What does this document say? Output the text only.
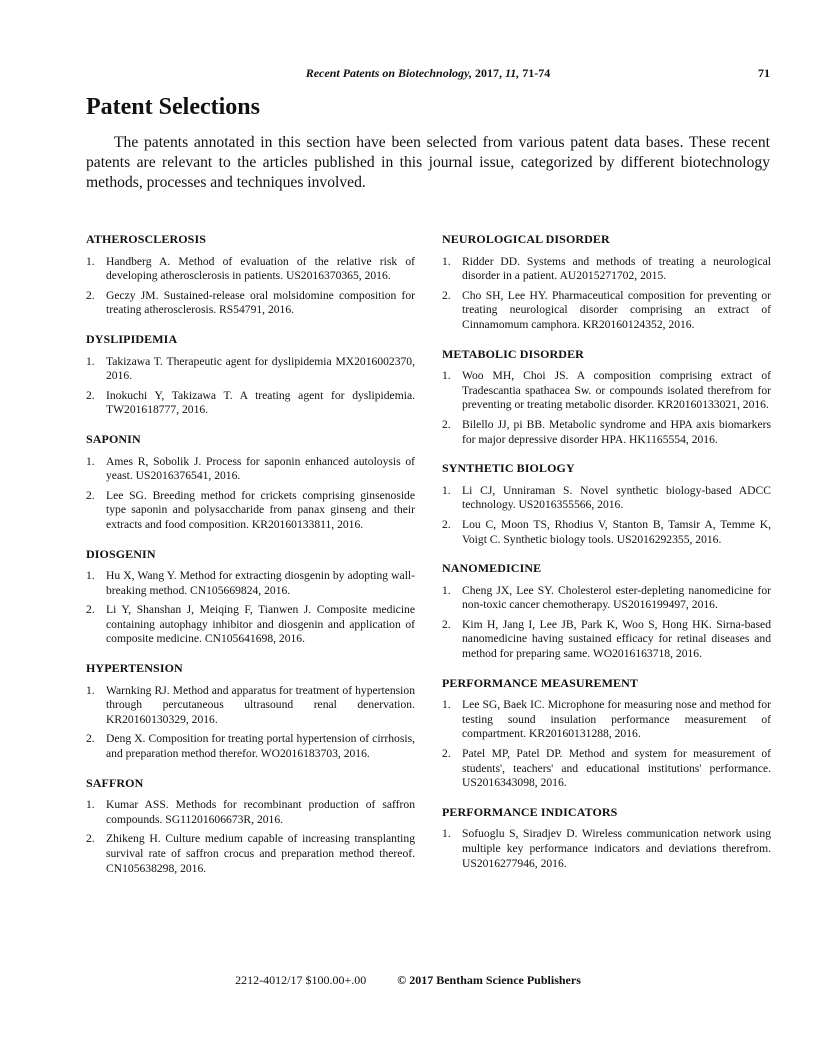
Recent Patents on Biotechnology, 2017, 11, 71-74	71
Patent Selections

The patents annotated in this section have been selected from various patent data bases. These recent patents are relevant to the articles published in this journal issue, categorized by different biotechnology methods, processes and techniques involved.

ATHEROSCLEROSIS
1. Handberg A. Method of evaluation of the relative risk of developing atherosclerosis in patients. US2016370365, 2016.
2. Geczy JM. Sustained-release oral molsidomine composition for treating atherosclerosis. RS54791, 2016.
DYSLIPIDEMIA
1. Takizawa T. Therapeutic agent for dyslipidemia MX2016002370, 2016.
2. Inokuchi Y, Takizawa T. A treating agent for dyslipidemia. TW201618777, 2016.
SAPONIN
1. Ames R, Sobolik J. Process for saponin enhanced autoloysis of yeast. US2016376541, 2016.
2. Lee SG. Breeding method for crickets comprising ginsenoside type saponin and polysaccharide from panax ginseng and their extracts and food composition. KR20160133811, 2016.
DIOSGENIN
1. Hu X, Wang Y. Method for extracting diosgenin by adopting wall-breaking method. CN105669824, 2016.
2. Li Y, Shanshan J, Meiqing F, Tianwen J. Composite medicine containing autophagy inhibitor and diosgenin and application of composite medicine. CN105641698, 2016.
HYPERTENSION
1. Warnking RJ. Method and apparatus for treatment of hypertension through percutaneous ultrasound renal denervation. KR20160130329, 2016.
2. Deng X. Composition for treating portal hypertension of cirrhosis, and preparation method therefor. WO2016183703, 2016.
SAFFRON
1. Kumar ASS. Methods for recombinant production of saffron compounds. SG11201606673R, 2016.
2. Zhikeng H. Culture medium capable of increasing transplanting survival rate of saffron crocus and preparation method thereof. CN105638298, 2016.
NEUROLOGICAL DISORDER
1. Ridder DD. Systems and methods of treating a neurological disorder in a patient. AU2015271702, 2015.
2. Cho SH, Lee HY. Pharmaceutical composition for preventing or treating neurological disorder comprising an extract of Cinnamomum camphora. KR20160124352, 2016.
METABOLIC DISORDER
1. Woo MH, Choi JS. A composition comprising extract of Tradescantia spathacea Sw. or compounds isolated therefrom for preventing or treating metabolic disorder. KR20160133021, 2016.
2. Bilello JJ, pi BB. Metabolic syndrome and HPA axis biomarkers for major depressive disorder HPA. HK1165554, 2016.
SYNTHETIC BIOLOGY
1. Li CJ, Unniraman S. Novel synthetic biology-based ADCC technology. US2016355566, 2016.
2. Lou C, Moon TS, Rhodius V, Stanton B, Tamsir A, Temme K, Voigt C. Synthetic biology tools. US2016292355, 2016.
NANOMEDICINE
1. Cheng JX, Lee SY. Cholesterol ester-depleting nanomedicine for non-toxic cancer chemotherapy. US2016199497, 2016.
2. Kim H, Jang I, Lee JB, Park K, Woo S, Hong HK. Sirna-based nanomedicine having sustained efficacy for retinal diseases and method for preparing same. WO2016163718, 2016.
PERFORMANCE MEASUREMENT
1. Lee SG, Baek IC. Microphone for measuring nose and method for testing sound insulation performance measurement of compartment. KR20160131288, 2016.
2. Patel MP, Patel DP. Method and system for measurement of students', teachers' and educational institutions' performance. US2016343098, 2016.
PERFORMANCE INDICATORS
1. Sofuoglu S, Siradjev D. Wireless communication network using multiple key performance indicators and deviations therefrom. US2016277946, 2016.
2212-4012/17 $100.00+.00	© 2017 Bentham Science Publishers
